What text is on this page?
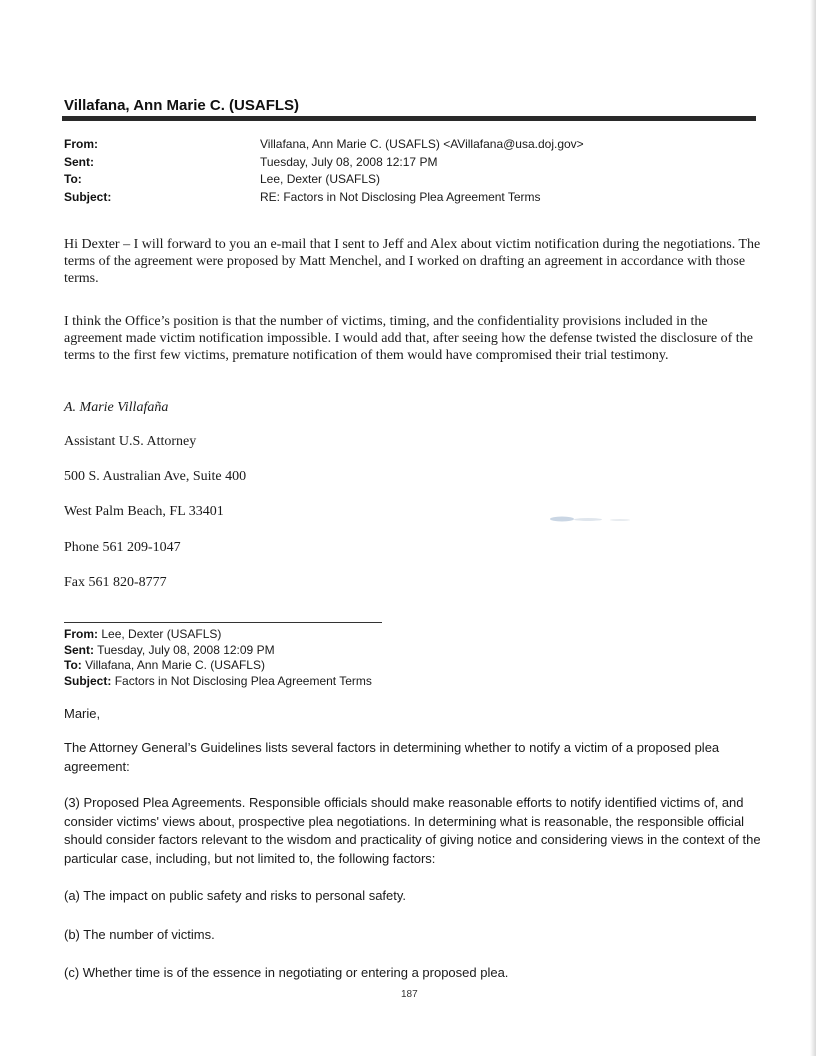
Villafana, Ann Marie C. (USAFLS)
From:	Villafana, Ann Marie C. (USAFLS) <AVillafana@usa.doj.gov>
Sent:	Tuesday, July 08, 2008 12:17 PM
To:	Lee, Dexter (USAFLS)
Subject:	RE: Factors in Not Disclosing Plea Agreement Terms

Hi Dexter – I will forward to you an e-mail that I sent to Jeff and Alex about victim notification during the negotiations. The terms of the agreement were proposed by Matt Menchel, and I worked on drafting an agreement in accordance with those terms.

I think the Office’s position is that the number of victims, timing, and the confidentiality provisions included in the agreement made victim notification impossible. I would add that, after seeing how the defense twisted the disclosure of the terms to the first few victims, premature notification of them would have compromised their trial testimony.

A. Marie Villafaña
Assistant U.S. Attorney
500 S. Australian Ave, Suite 400
West Palm Beach, FL 33401
Phone 561 209-1047
Fax 561 820-8777
From: Lee, Dexter (USAFLS)
Sent: Tuesday, July 08, 2008 12:09 PM
To: Villafana, Ann Marie C. (USAFLS)
Subject: Factors in Not Disclosing Plea Agreement Terms

Marie,

The Attorney General’s Guidelines lists several factors in determining whether to notify a victim of a proposed plea agreement:

(3) Proposed Plea Agreements. Responsible officials should make reasonable efforts to notify identified victims of, and consider victims' views about, prospective plea negotiations. In determining what is reasonable, the responsible official should consider factors relevant to the wisdom and practicality of giving notice and considering views in the context of the particular case, including, but not limited to, the following factors:

(a) The impact on public safety and risks to personal safety.

(b) The number of victims.

(c) Whether time is of the essence in negotiating or entering a proposed plea.

187
